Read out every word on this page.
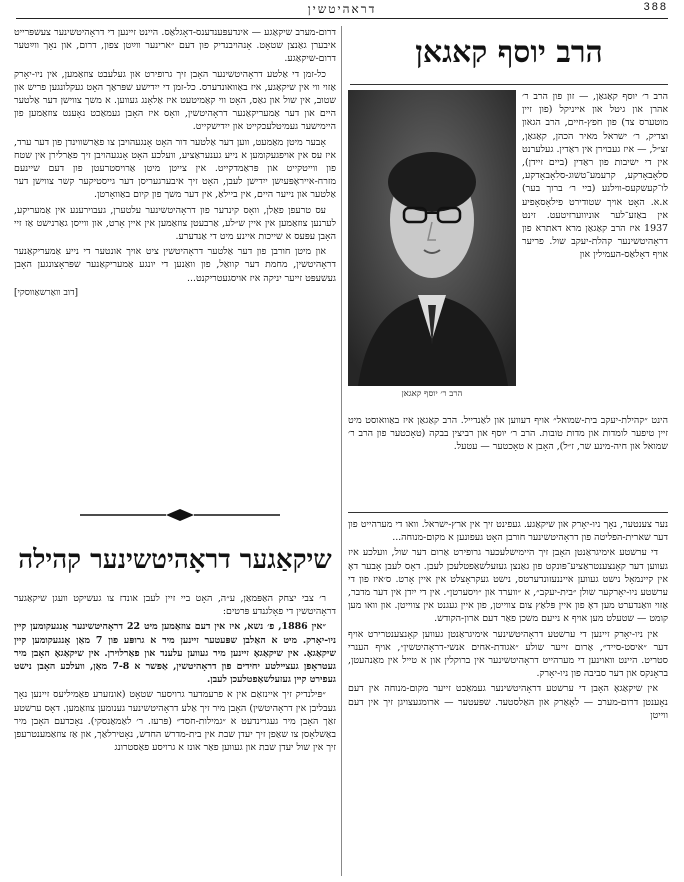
דראהיטשין	388
הרב יוסף קאגאן
הרב ר׳ יוסף קאגאן

הרב ר׳ יוסף קאַגאַן, — זון פון הרב ר׳ אהרן און גיטל און אייניקל (פון זיין מוטערס צד) פון חפץ-חיים, הרב הגאון וצדיק, ר׳ ישראל מאיר הכהן, קאַגאַן, זצ״ל, — איז געבוירן אין ראַדין. געלערנט אין די ישיבות פון ראַדין (ביים זיידן), סלאָבאָדקע, קרעמע־טשוג-סלאָבאָדקע, לו־קעשקעס-ווילנע (ביי ר׳ ברוך בער) א.א. האָט אויך שטודירט פילאָסאָפיע אין באַזע־לער אוניווערזיטעט. זינט 1937 איז הרב קאַגאַן מרא דאתרא פון דראָהיטשינער קהלת-יעקב שול. פריער אויף דאָלאַס-העמילין און

הינט ״קהילת-יעקב בית-שמואל״ אויף דעווען און לאַנדייל. הרב קאַגאַן איז באַוואוסט מיט זיין טיפער לומדות און מדות טובות. הרב ר׳ יוסף און רביצין בבקה (טאָכטער פון הרב ר׳ שמואל און חיה-מינע שר, ז״ל), האָבן א טאָכטער — עטעל.

נער צענטער, נאָך ניו-יאָרק און שיקאַגע. געפינט זיך אין ארץ-ישראל. וואו די מערהייט פון דער שארית-הפליטה פון דראָהיטשינער חורבן האָט געפונען א מקום-מנוחה...

די ערשטע אימיגראַנטן האָבן זיך היימישלעכער גרופירט אַרום דער שול, וועלכע איז געווען דער קאָנצענטראַציע־פּונקט פון גאַנצן געזעלשאַפטלעכן לעבן. דאָס לעבן אָבער דאָ אין קיינמאָל נישט געווען אייננעזונדערטס, נישט געקראָצלט אין איין אָרט. ס׳איז פון די ערשטע ניו-יאָרקער שולן ״בית-יעקב״, א ״ווערד און ״ויסערטן״. אין די ייִדן אין דער מדבר, אַזוי וואַנדערט מען דאָ פון איין פּלאַץ צום צווייטן, פון איין געגנט אין צווייטן. און וואו מען קומט — שטעלט מען אויף א נייעם משכן פאַר דעם ארון-הקודש.

אין ניו-יאָרק זיינען די ערשטע דראָהיטשינער אימיגראַנטן געווען קאָנצענטרירט אויף דער ״איסט-סייד״, אַרום זייער שולע ״אגודת-אחים אנשי-דראָהיטשין״, אויף הענרי סטריט. היינט וואוינען די מערהייט דראָהיטשינער אין ברוקלין און א טייל אין מאַנהעטן, בראָנקס און דער סביבה פון ניו-יאָרק.

אין שיקאַגאָ האָבן די ערשטע דראָהיטשינער געמאַכט זייער מקום-מנוחה אין דעם נאָענטן דרום-מערב — לאָאַרק און האַלסטעד. שפּעטער — ארומגעצויגן זיך אין דעם ווייטן

דרום-מערב שיקאַגע — אינדעפּענדענס-דאָגלאַס. היינט זיינען די דראָהיטשינער צעשפּרייט איבערן גאַנצן שטאָט. אָנהויבנדיק פון דעם ״ארינער װײַטן צפון, דרום, און נאָך װײַטער דרום-שיקאַגע.

כל-זמן די אַלטע דראָהיטשינער האָבן זיך גרופירט און געלעבט צוזאַמען, אין ניו-יאָרק אַזוי ווי אין שיקאַגע, איז באַוואונדערס. כל-זמן די ייִדישע שפּראַך האָט געקלונגען פריש און שטוב, אין שול און גאַס, האָט ווי קאַמיטעט איז אַלאָנג געווען. א משך צווישן דער אַלטער היים און דער אַמעריקאַנער דראָהיטשין, וואָס איז האָבן געמאַכט נאָענט צוזאַמען פון היימישער געמיטלעכקייט און ייִדישקייט.

אָבער מיטן מאַמעט, ווען דער אַלטער דור האָט אָנגעהויבן צו פאַרשווינדן פון דער ערד, איז עס אין אויפגעקומען א נייע גענעראַציע, וועלכע האָט אָנגעהויבן זיך פאַרלירן אין שטח פון ווייטקייט און פּראַמדקייט. אין צייטן מיטן אַרויסטרעטן פון דעם שיינעם מזרח-אייראָפּעיִשן ייִדישן לעבן, האָט זיך איבערגעריסן דער גייסטיקער קשר צווישן דער אַלטער און נייער היים, אין ביילאַ, אין דער משך פון קיום באַוואָרטן.

עס טרעפן פאַלן, וואָס קינדער פון דראָהיטשינער עלטערן, געבוירענע אין אַמעריקע, לערנען צוזאַמען אין איין ש״לע, אַרבעטן צוזאַמען אין איין אָרט, און ווייסן גאַרנישט אַז זיי האָבן עפּעס א שייכות איינע מיט די אַנדערע.

און מיטן חורבן פון דער אַלטער דראָהיטשין ציט אויך אונטער די נייע אַמעריקאַנער דראָהיטשין, מחמת דער קוואַל, פון וואַנען די יונגע אַמעריקאַנער שפּראָצונגען האָבן געשעפּט זייער יניקה איז אויסגעטריקנט...

[דוב וואַרשאַווסקי]

שיקאַגער דראָהיטשינער קהילה

ר׳ צבי יצחק האַפּמאַן, ע״ה, האָט ביי זיין לעבן אונדז צו געשיקט וועגן שיקאַגער דראָהיטשין די פאָלגנדע פּרטים:

״אין 1886, פ׳ נשא, איז אין דעם צוזאַמען מיט 22 דראָהיטשינער אָנגעקומען קיין ניו-יאָרק. מיט א האַלבן שפּעטער זיינען מיר א גרופּע פון 7 מאַן אָנגעקומען קיין שיקאַגאָ. אין שיקאַגאָ זיינען מיר געווען עלענד און פאַרלוירן. אין שיקאַגאָ האָבן מיר געטראָפן געציילטע יחידים פון דראָהיטשין, אַפשר א 7-8 מאַן, וועלכע האָבן נישט געפירט קיין געזעלשאַפטלעכן לעבן.

״פּילנדיק זיך איינזאַם אין א פרעמדער גרויסער שטאָט (אונזערע פאַמיליעס זיינען נאָך געבליבן אין דראָהיטשין) האָבן מיר זיך אַלע דראָהיטשינער גענומען צוזאַמען. דאָס ערשטע זאַך האָבן מיר געגרינדעט א ״גמילות-חסד״ (פּרעז. ר׳ לאַמאַנסקי). נאָכדעם האָבן מיר באַשלאָסן צו שאַפן זיך יעדן שבת אין בית-מדרש החדש, נאָטירלאַך, און אַז צוזאַמענטרעפן זיך אין שול יעדן שבת און געווען פאַר אונז א גרויסע פאַסטרונג
